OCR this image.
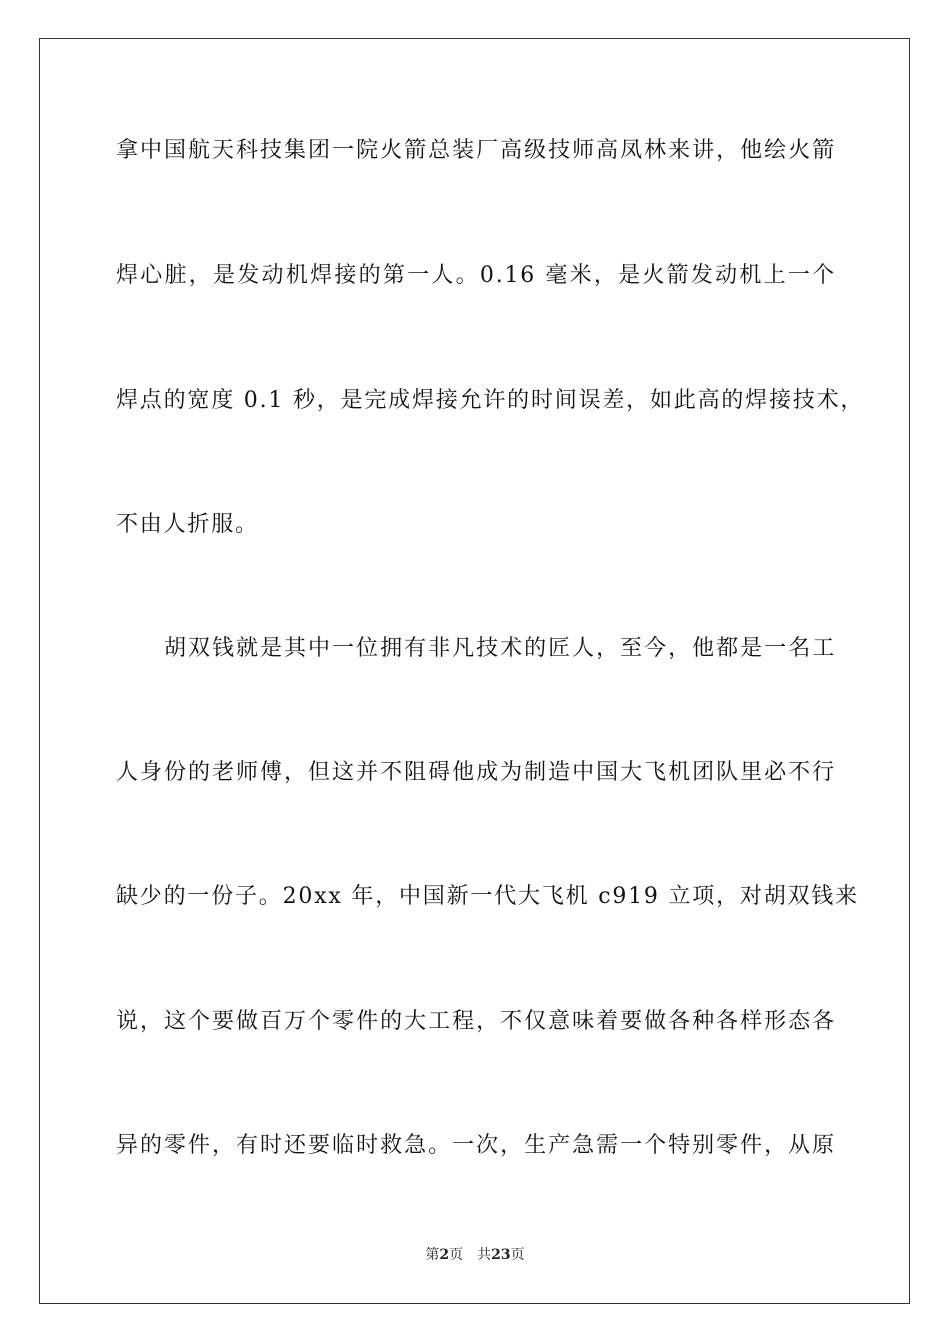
拿中国航天科技集团一院火箭总装厂高级技师高凤林来讲，他绘火箭
焊心脏，是发动机焊接的第一人。0.16 毫米，是火箭发动机上一个
焊点的宽度 0.1 秒，是完成焊接允许的时间误差，如此高的焊接技术，
不由人折服。
胡双钱就是其中一位拥有非凡技术的匠人，至今，他都是一名工
人身份的老师傅，但这并不阻碍他成为制造中国大飞机团队里必不行
缺少的一份子。20xx 年，中国新一代大飞机 c919 立项，对胡双钱来
说，这个要做百万个零件的大工程，不仅意味着要做各种各样形态各
异的零件，有时还要临时救急。一次，生产急需一个特别零件，从原
第2页 共23页
